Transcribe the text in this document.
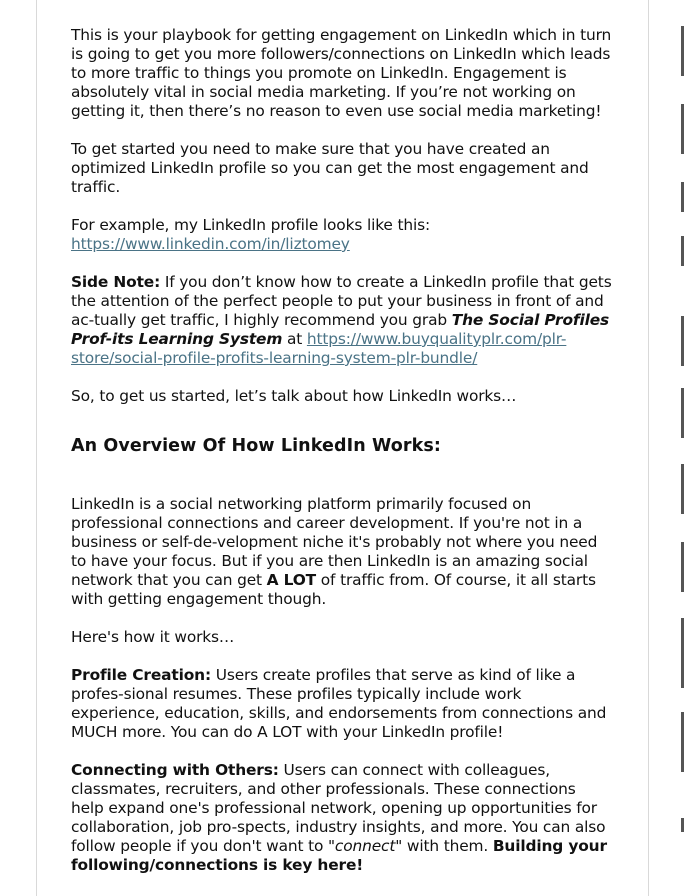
This is your playbook for getting engagement on LinkedIn which in turn is going to get you more followers/connections on LinkedIn which leads to more traffic to things you promote on LinkedIn. Engagement is absolutely vital in social media marketing. If you’re not working on getting it, then there’s no reason to even use social media marketing!

To get started you need to make sure that you have created an optimized LinkedIn profile so you can get the most engagement and traffic.

For example, my LinkedIn profile looks like this:
https://www.linkedin.com/in/liztomey

Side Note: If you don’t know how to create a LinkedIn profile that gets the attention of the perfect people to put your business in front of and ac-tually get traffic, I highly recommend you grab The Social Profiles Prof-its Learning System at https://www.buyqualityplr.com/plr-store/social-profile-profits-learning-system-plr-bundle/

So, to get us started, let’s talk about how LinkedIn works…

An Overview Of How LinkedIn Works:

LinkedIn is a social networking platform primarily focused on professional connections and career development. If you're not in a business or self-de-velopment niche it's probably not where you need to have your focus. But if you are then LinkedIn is an amazing social network that you can get A LOT of traffic from. Of course, it all starts with getting engagement though.

Here's how it works…

Profile Creation: Users create profiles that serve as kind of like a profes-sional resumes. These profiles typically include work experience, education, skills, and endorsements from connections and MUCH more. You can do A LOT with your LinkedIn profile!

Connecting with Others: Users can connect with colleagues, classmates, recruiters, and other professionals. These connections help expand one's professional network, opening up opportunities for collaboration, job pro-spects, industry insights, and more. You can also follow people if you don't want to "connect" with them. Building your following/connections is key here!
